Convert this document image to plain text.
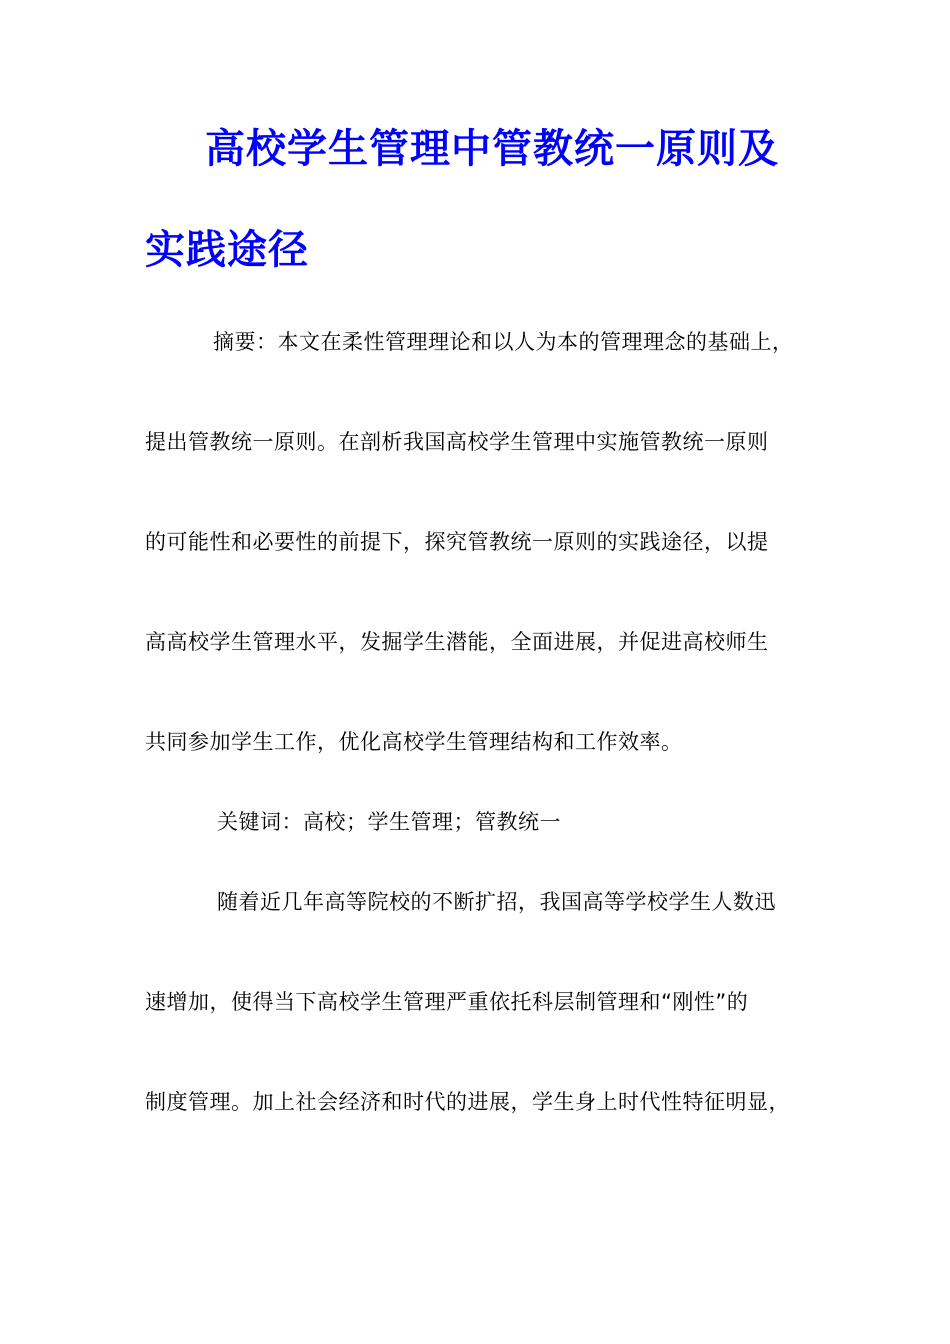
高校学生管理中管教统一原则及
实践途径
摘要：本文在柔性管理理论和以人为本的管理理念的基础上，
提出管教统一原则。在剖析我国高校学生管理中实施管教统一原则
的可能性和必要性的前提下，探究管教统一原则的实践途径，以提
高高校学生管理水平，发掘学生潜能，全面进展，并促进高校师生
共同参加学生工作，优化高校学生管理结构和工作效率。
关键词：高校；学生管理；管教统一
随着近几年高等院校的不断扩招，我国高等学校学生人数迅
速增加，使得当下高校学生管理严重依托科层制管理和“刚性”的
制度管理。加上社会经济和时代的进展，学生身上时代性特征明显，
